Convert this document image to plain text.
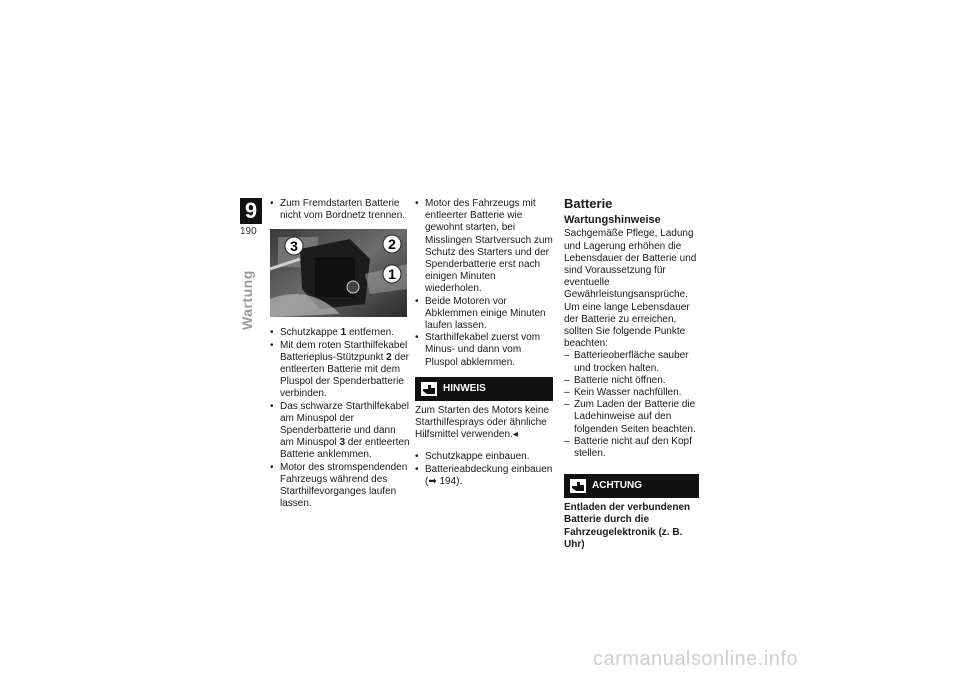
9
190
Wartung
• Zum Fremdstarten Batterie nicht vom Bordnetz trennen.
3	2
1
• Schutzkappe 1 entfernen.
• Mit dem roten Starthilfekabel Batterieplus-Stützpunkt 2 der entleerten Batterie mit dem Pluspol der Spenderbatterie verbinden.
• Das schwarze Starthilfekabel am Minuspol der Spenderbatterie und dann am Minuspol 3 der entleerten Batterie anklemmen.
• Motor des stromspendenden Fahrzeugs während des Starthilfevorganges laufen lassen.
• Motor des Fahrzeugs mit entleerter Batterie wie gewohnt starten, bei Misslingen Startversuch zum Schutz des Starters und der Spenderbatterie erst nach einigen Minuten wiederholen.
• Beide Motoren vor Abklemmen einige Minuten laufen lassen.
• Starthilfekabel zuerst vom Minus- und dann vom Pluspol abklemmen.
HINWEIS

Zum Starten des Motors keine Starthilfesprays oder ähnliche Hilfsmittel verwenden.◂

• Schutzkappe einbauen.
• Batterieabdeckung einbauen (➡ 194).
Batterie
Wartungshinweise

Sachgemäße Pflege, Ladung und Lagerung erhöhen die Lebensdauer der Batterie und sind Voraussetzung für eventuelle Gewährleistungsansprüche.

Um eine lange Lebensdauer der Batterie zu erreichen, sollten Sie folgende Punkte beachten:

– Batterieoberfläche sauber und trocken halten.
– Batterie nicht öffnen.
– Kein Wasser nachfüllen.
– Zum Laden der Batterie die Ladehinweise auf den folgenden Seiten beachten.
– Batterie nicht auf den Kopf stellen.
ACHTUNG

Entladen der verbundenen Batterie durch die Fahrzeugelektronik (z. B. Uhr)

carmanualsonline.info
